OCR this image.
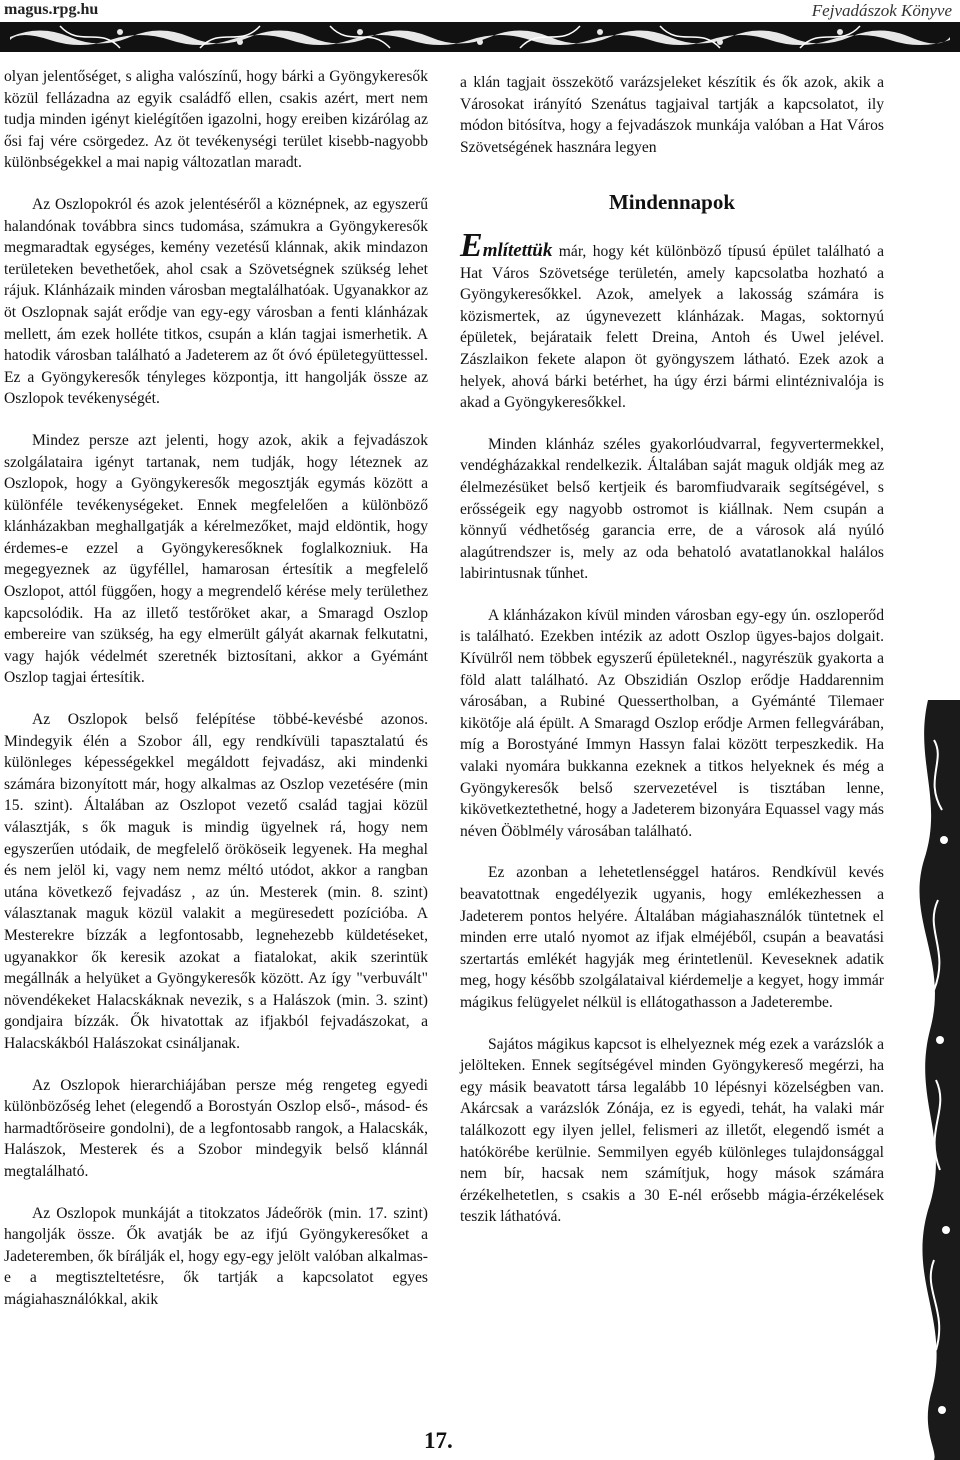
magus.rpg.hu	Fejvadászok Könyve

olyan jelentőséget, s aligha valószínű, hogy bárki a Gyöngykeresők közül fellázadna az egyik családfő ellen, csakis azért, mert nem tudja minden igényt kielégítően igazolni, hogy ereiben kizárólag az ősi faj vére csörgedez. Az öt tevékenységi terület kisebb-nagyobb különbségekkel a mai napig változatlan maradt.

Az Oszlopokról és azok jelentéséről a köznépnek, az egyszerű halandónak továbbra sincs tudomása, számukra a Gyöngykeresők megmaradtak egységes, kemény vezetésű klánnak, akik mindazon területeken bevethetőek, ahol csak a Szövetségnek szükség lehet rájuk. Klánházaik minden városban megtalálhatóak. Ugyanakkor az öt Oszlopnak saját erődje van egy-egy városban a fenti klánházak mellett, ám ezek holléte titkos, csupán a klán tagjai ismerhetik. A hatodik városban található a Jadeterem az őt óvó épületegyüttessel. Ez a Gyöngykeresők tényleges központja, itt hangolják össze az Oszlopok tevékenységét.

Mindez persze azt jelenti, hogy azok, akik a fejvadászok szolgálataira igényt tartanak, nem tudják, hogy léteznek az Oszlopok, hogy a Gyöngykeresők megosztják egymás között a különféle tevékenységeket. Ennek megfelelően a különböző klánházakban meghallgatják a kérelmezőket, majd eldöntik, hogy érdemes-e ezzel a Gyöngykeresőknek foglalkozniuk. Ha megegyeznek az ügyféllel, hamarosan értesítik a megfelelő Oszlopot, attól függően, hogy a megrendelő kérése mely területhez kapcsolódik. Ha az illető testőröket akar, a Smaragd Oszlop embereire van szükség, ha egy elmerült gályát akarnak felkutatni, vagy hajók védelmét szeretnék biztosítani, akkor a Gyémánt Oszlop tagjai értesítik.

Az Oszlopok belső felépítése többé-kevésbé azonos. Mindegyik élén a Szobor áll, egy rendkívüli tapasztalatú és különleges képességekkel megáldott fejvadász, aki mindenki számára bizonyított már, hogy alkalmas az Oszlop vezetésére (min 15. szint). Általában az Oszlopot vezető család tagjai közül választják, s ők maguk is mindig ügyelnek rá, hogy nem egyszerűen utódaik, de megfelelő örököseik legyenek. Ha meghal és nem jelöl ki, vagy nem nemz méltó utódot, akkor a rangban utána következő fejvadász , az ún. Mesterek (min. 8. szint) választanak maguk közül valakit a megüresedett pozícióba. A Mesterekre bízzák a legfontosabb, legnehezebb küldetéseket, ugyanakkor ők keresik azokat a fiatalokat, akik szerintük megállnák a helyüket a Gyöngykeresők között. Az így "verbuvált" növendékeket Halacskáknak nevezik, s a Halászok (min. 3. szint) gondjaira bízzák. Ők hivatottak az ifjakból fejvadászokat, a Halacskákból Halászokat csináljanak.

Az Oszlopok hierarchiájában persze még rengeteg egyedi különbözőség lehet (elegendő a Borostyán Oszlop első-, másod- és harmadtőröseire gondolni), de a legfontosabb rangok, a Halacskák, Halászok, Mesterek és a Szobor mindegyik belső klánnál megtalálható.

Az Oszlopok munkáját a titokzatos Jádeőrök (min. 17. szint) hangolják össze. Ők avatják be az ifjú Gyöngykeresőket a Jadeteremben, ők bírálják el, hogy egy-egy jelölt valóban alkalmas-e a megtiszteltetésre, ők tartják a kapcsolatot egyes mágiahasználókkal, akik

a klán tagjait összekötő varázsjeleket készítik és ők azok, akik a Városokat irányító Szenátus tagjaival tartják a kapcsolatot, ily módon bitósítva, hogy a fejvadászok munkája valóban a Hat Város Szövetségének hasznára legyen

Mindennapok

Említettük már, hogy két különböző típusú épület található a Hat Város Szövetsége területén, amely kapcsolatba hozható a Gyöngykeresőkkel. Azok, amelyek a lakosság számára is közismertek, az úgynevezett klánházak. Magas, soktornyú épületek, bejárataik felett Dreina, Antoh és Uwel jelével. Zászlaikon fekete alapon öt gyöngyszem látható. Ezek azok a helyek, ahová bárki betérhet, ha úgy érzi bármi elintéznivalója is akad a Gyöngykeresőkkel.

Minden klánház széles gyakorlóudvarral, fegyvertermekkel, vendégházakkal rendelkezik. Általában saját maguk oldják meg az élelmezésüket belső kertjeik és baromfiudvaraik segítségével, s erősségeik egy nagyobb ostromot is kiállnak. Nem csupán a könnyű védhetőség garancia erre, de a városok alá nyúló alagútrendszer is, mely az oda behatoló avatatlanokkal halálos labirintusnak tűnhet.

A klánházakon kívül minden városban egy-egy ún. oszloperőd is található. Ezekben intézik az adott Oszlop ügyes-bajos dolgait. Kívülről nem többek egyszerű épületeknél., nagyrészük gyakorta a föld alatt található. Az Obszidián Oszlop erődje Haddarennim városában, a Rubiné Quessertholban, a Gyémánté Tilemaer kikötője alá épült. A Smaragd Oszlop erődje Armen fellegvárában, míg a Borostyáné Immyn Hassyn falai között terpeszkedik. Ha valaki nyomára bukkanna ezeknek a titkos helyeknek és még a Gyöngykeresők belső szervezetével is tisztában lenne, kikövetkeztethetné, hogy a Jadeterem bizonyára Equassel vagy más néven Ööblmély városában található.

Ez azonban a lehetetlenséggel határos. Rendkívül kevés beavatottnak engedélyezik ugyanis, hogy emlékezhessen a Jadeterem pontos helyére. Általában mágiahasználók tüntetnek el minden erre utaló nyomot az ifjak elméjéből, csupán a beavatási szertartás emlékét hagyják meg érintetlenül. Keveseknek adatik meg, hogy később szolgálataival kiérdemelje a kegyet, hogy immár mágikus felügyelet nélkül is ellátogathasson a Jadeterembe.

Sajátos mágikus kapcsot is elhelyeznek még ezek a varázslók a jelölteken. Ennek segítségével minden Gyöngykereső megérzi, ha egy másik beavatott társa legalább 10 lépésnyi közelségben van. Akárcsak a varázslók Zónája, ez is egyedi, tehát, ha valaki már találkozott egy ilyen jellel, felismeri az illetőt, elegendő ismét a hatókörébe kerülnie. Semmilyen egyéb különleges tulajdonsággal nem bír, hacsak nem számítjuk, hogy mások számára érzékelhetetlen, s csakis a 30 E-nél erősebb mágia-érzékelések teszik láthatóvá.

17.
